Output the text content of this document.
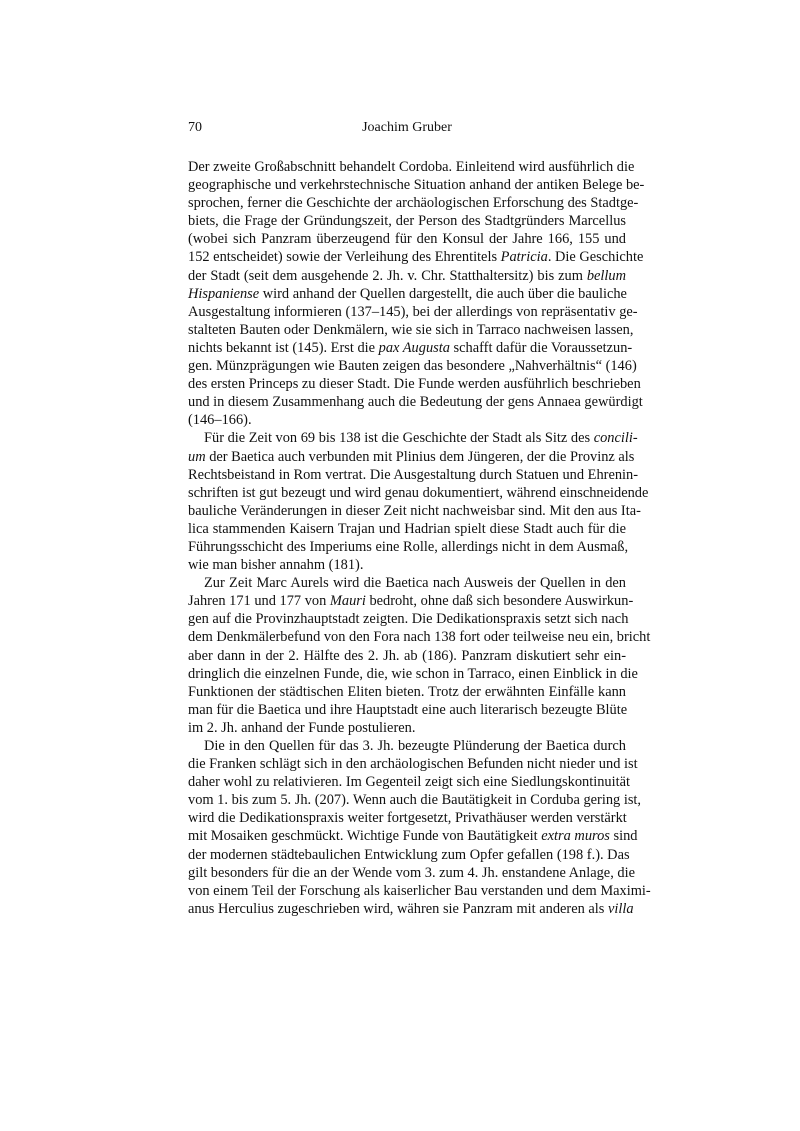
70	Joachim Gruber
Der zweite Großabschnitt behandelt Cordoba. Einleitend wird ausführlich die
geographische und verkehrstechnische Situation anhand der antiken Belege be-
sprochen, ferner die Geschichte der archäologischen Erforschung des Stadtge-
biets, die Frage der Gründungszeit, der Person des Stadtgründers Marcellus
(wobei sich Panzram überzeugend für den Konsul der Jahre 166, 155 und
152 entscheidet) sowie der Verleihung des Ehrentitels Patricia. Die Geschichte
der Stadt (seit dem ausgehende 2. Jh. v. Chr. Statthaltersitz) bis zum bellum
Hispaniense wird anhand der Quellen dargestellt, die auch über die bauliche
Ausgestaltung informieren (137–145), bei der allerdings von repräsentativ ge-
stalteten Bauten oder Denkmälern, wie sie sich in Tarraco nachweisen lassen,
nichts bekannt ist (145). Erst die pax Augusta schafft dafür die Voraussetzun-
gen. Münzprägungen wie Bauten zeigen das besondere „Nahverhältnis“ (146)
des ersten Princeps zu dieser Stadt. Die Funde werden ausführlich beschrieben
und in diesem Zusammenhang auch die Bedeutung der gens Annaea gewürdigt
(146–166).
Für die Zeit von 69 bis 138 ist die Geschichte der Stadt als Sitz des concili-
um der Baetica auch verbunden mit Plinius dem Jüngeren, der die Provinz als
Rechtsbeistand in Rom vertrat. Die Ausgestaltung durch Statuen und Ehrenin-
schriften ist gut bezeugt und wird genau dokumentiert, während einschneidende
bauliche Veränderungen in dieser Zeit nicht nachweisbar sind. Mit den aus Ita-
lica stammenden Kaisern Trajan und Hadrian spielt diese Stadt auch für die
Führungsschicht des Imperiums eine Rolle, allerdings nicht in dem Ausmaß,
wie man bisher annahm (181).
Zur Zeit Marc Aurels wird die Baetica nach Ausweis der Quellen in den
Jahren 171 und 177 von Mauri bedroht, ohne daß sich besondere Auswirkun-
gen auf die Provinzhauptstadt zeigten. Die Dedikationspraxis setzt sich nach
dem Denkmälerbefund von den Fora nach 138 fort oder teilweise neu ein, bricht
aber dann in der 2. Hälfte des 2. Jh. ab (186). Panzram diskutiert sehr ein-
dringlich die einzelnen Funde, die, wie schon in Tarraco, einen Einblick in die
Funktionen der städtischen Eliten bieten. Trotz der erwähnten Einfälle kann
man für die Baetica und ihre Hauptstadt eine auch literarisch bezeugte Blüte
im 2. Jh. anhand der Funde postulieren.
Die in den Quellen für das 3. Jh. bezeugte Plünderung der Baetica durch
die Franken schlägt sich in den archäologischen Befunden nicht nieder und ist
daher wohl zu relativieren. Im Gegenteil zeigt sich eine Siedlungskontinuität
vom 1. bis zum 5. Jh. (207). Wenn auch die Bautätigkeit in Corduba gering ist,
wird die Dedikationspraxis weiter fortgesetzt, Privathäuser werden verstärkt
mit Mosaiken geschmückt. Wichtige Funde von Bautätigkeit extra muros sind
der modernen städtebaulichen Entwicklung zum Opfer gefallen (198 f.). Das
gilt besonders für die an der Wende vom 3. zum 4. Jh. enstandene Anlage, die
von einem Teil der Forschung als kaiserlicher Bau verstanden und dem Maximi-
anus Herculius zugeschrieben wird, währen sie Panzram mit anderen als villa
